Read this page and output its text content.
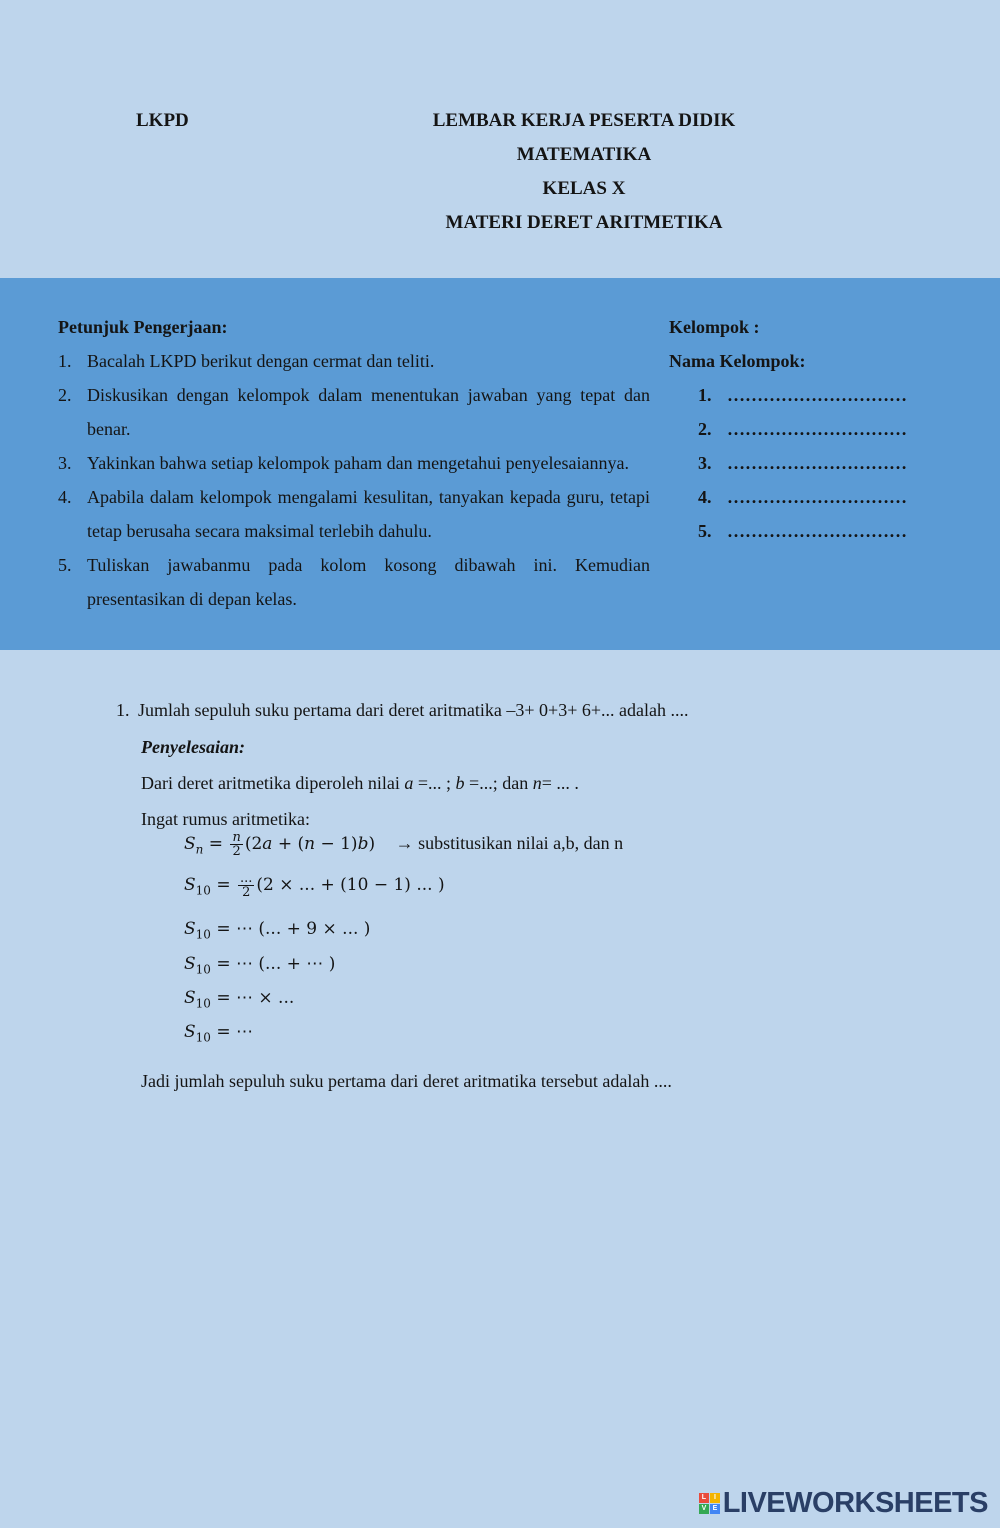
LKPD	LEMBAR KERJA PESERTA DIDIK
MATEMATIKA
KELAS X
MATERI DERET ARITMETIKA
Petunjuk Pengerjaan:
1. Bacalah LKPD berikut dengan cermat dan teliti.
2. Diskusikan dengan kelompok dalam menentukan jawaban yang tepat dan benar.
3. Yakinkan bahwa setiap kelompok paham dan mengetahui penyelesaiannya.
4. Apabila dalam kelompok mengalami kesulitan, tanyakan kepada guru, tetapi tetap berusaha secara maksimal terlebih dahulu.
5. Tuliskan jawabanmu pada kolom kosong dibawah ini. Kemudian presentasikan di depan kelas.
Kelompok :
Nama Kelompok:
1. …………………………
2. …………………………
3. …………………………
4. …………………………
5. …………………………
1. Jumlah sepuluh suku pertama dari deret aritmatika –3+ 0+3+ 6+... adalah ....
Penyelesaian:
Dari deret aritmetika diperoleh nilai a =... ; b =...; dan n= ... .
Ingat rumus aritmetika:
$S_n = \frac{n}{2} (2a + (n - 1)b)$ → substitusikan nilai a,b, dan n
$S_{10} = \frac{...}{2} (2$ × ... + (10 − 1) ... )
$S_{10}$ = ⋯ (... + 9 × ... )
$S_{10}$ = ⋯ (... + ⋯ )
$S_{10}$ = ⋯ × ...
$S_{10}$ = ⋯
Jadi jumlah sepuluh suku pertama dari deret aritmatika tersebut adalah ....
L	I
V E LIVEWORKSHEETS
